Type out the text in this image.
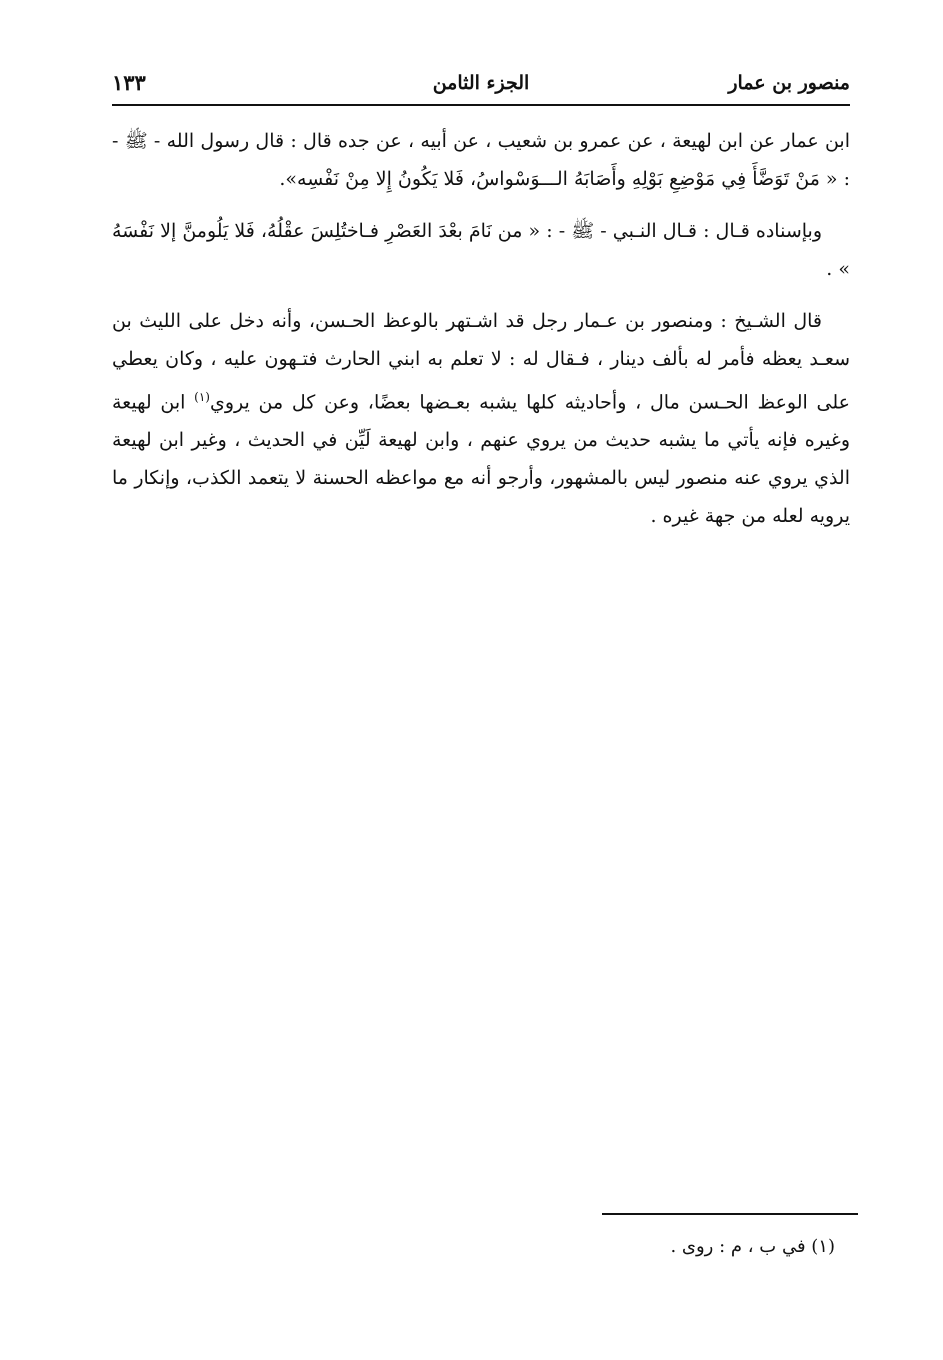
منصور بن عمار
الجزء الثامن
١٣٣

ابن عمار عن ابن لهيعة ، عن عمرو بن شعيب ، عن أبيه ، عن جده قال : قال رسول الله - ﷺ - : « مَنْ تَوَضَّأَ فِي مَوْضِعِ بَوْلِهِ وأَصَابَهُ الـــوَسْواسُ، فَلا يَكُونُ إِلا مِنْ نَفْسِه».

وبإسناده قـال : قـال النـبي - ﷺ - : « من نَامَ بعْدَ العَصْرِ فـاختُلِسَ عقْلُهُ، فَلا يَلُومنَّ إلا نَفْسَهُ » .

قال الشـيخ : ومنصور بن عـمار رجل قد اشـتهر بالوعظ الحـسن، وأنه دخل على الليث بن سعـد يعظه فأمر له بألف دينار ، فـقال له : لا تعلم به ابني الحارث فتـهون عليه ، وكان يعطي على الوعظ الحـسن مال ، وأحاديثه كلها يشبه بعـضها بعضًا، وعن كل من يروي$^{(١)}$ ابن لهيعة وغيره فإنه يأتي ما يشبه حديث من يروي عنهم ، وابن لهيعة لَيِّن في الحديث ، وغير ابن لهيعة الذي يروي عنه منصور ليس بالمشهور، وأرجو أنه مع مواعظه الحسنة لا يتعمد الكذب، وإنكار ما يرويه لعله من جهة غيره .

(١) في ب ، م : روى .
